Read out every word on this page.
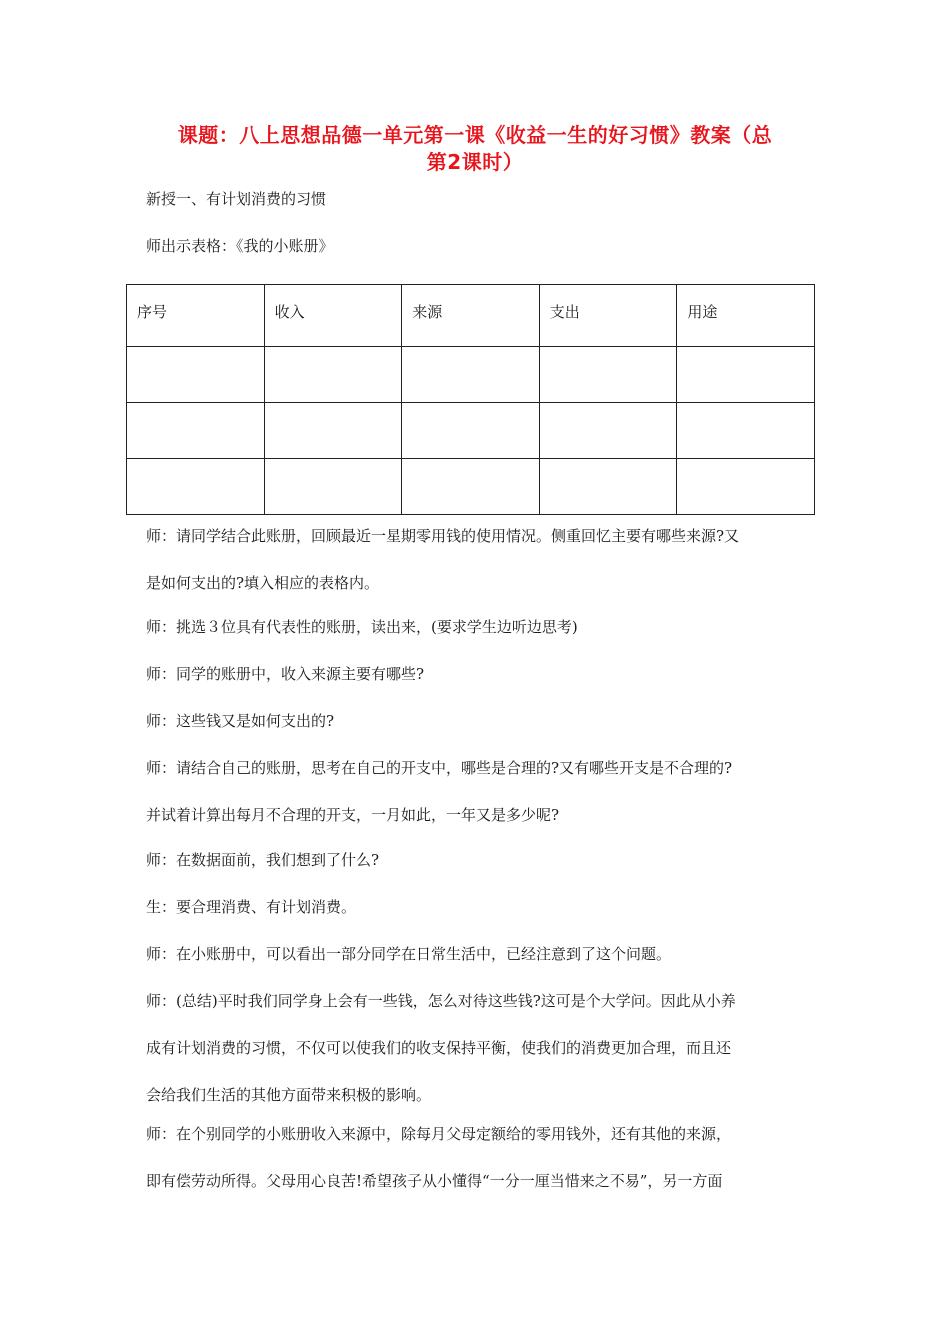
课题：八上思想品德一单元第一课《收益一生的好习惯》教案（总
第2课时）
新授一、有计划消费的习惯
师出示表格：《我的小账册》
序号	收入	来源	支出	用途

师：请同学结合此账册，回顾最近一星期零用钱的使用情况。侧重回忆主要有哪些来源?又
是如何支出的?填入相应的表格内。
师：挑选３位具有代表性的账册，读出来，(要求学生边听边思考)
师：同学的账册中，收入来源主要有哪些?
师：这些钱又是如何支出的?
师：请结合自己的账册，思考在自己的开支中，哪些是合理的?又有哪些开支是不合理的?
并试着计算出每月不合理的开支，一月如此，一年又是多少呢?
师：在数据面前，我们想到了什么?
生：要合理消费、有计划消费。
师：在小账册中，可以看出一部分同学在日常生活中，已经注意到了这个问题。
师：(总结)平时我们同学身上会有一些钱，怎么对待这些钱?这可是个大学问。因此从小养
成有计划消费的习惯，不仅可以使我们的收支保持平衡，使我们的消费更加合理，而且还
会给我们生活的其他方面带来积极的影响。
师：在个别同学的小账册收入来源中，除每月父母定额给的零用钱外，还有其他的来源，
即有偿劳动所得。父母用心良苦!希望孩子从小懂得“一分一厘当惜来之不易”，另一方面
